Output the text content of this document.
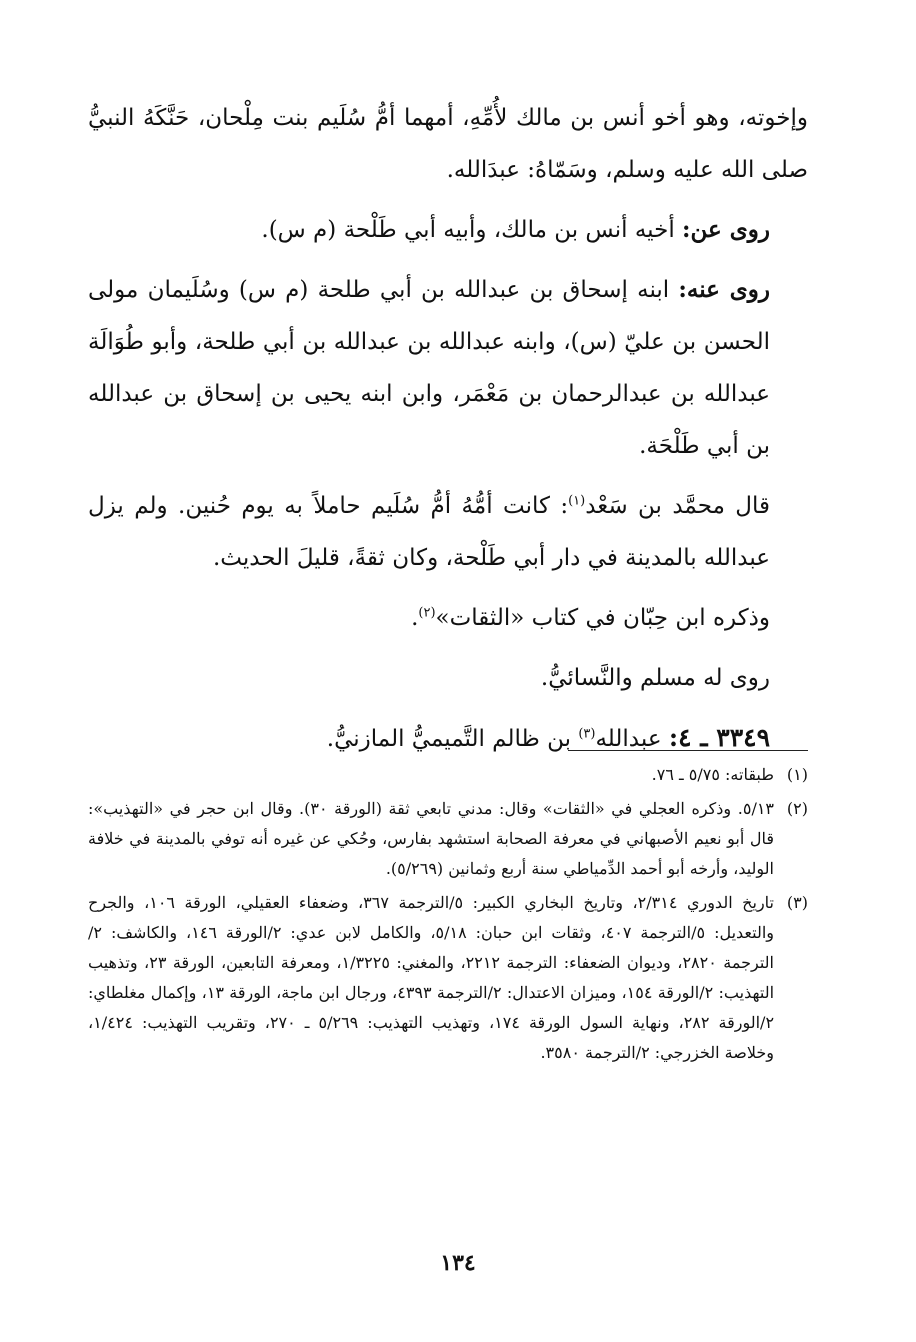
وإخوته، وهو أخو أنس بن مالك لأُمِّهِ، أمهما أمُّ سُلَيم بنت مِلْحان، حَنَّكَهُ النبيُّ صلى الله عليه وسلم، وسَمّاهُ: عبدَالله.

روى عن: أخيه أنس بن مالك، وأبيه أبي طَلْحة (م س).

روى عنه: ابنه إسحاق بن عبدالله بن أبي طلحة (م س) وسُلَيمان مولى الحسن بن عليّ (س)، وابنه عبدالله بن عبدالله بن أبي طلحة، وأبو طُوَالَة عبدالله بن عبدالرحمان بن مَعْمَر، وابن ابنه يحيى بن إسحاق بن عبدالله بن أبي طَلْحَة.

قال محمَّد بن سَعْد$^{(١)}$: كانت أمُّهُ أمُّ سُلَيم حاملاً به يوم حُنين. ولم يزل عبدالله بالمدينة في دار أبي طَلْحة، وكان ثقةً، قليلَ الحديث.

وذكره ابن حِبّان في كتاب «الثقات»$^{(٢)}$.

روى له مسلم والنَّسائيُّ.

٣٣٤٩ ـ ٤: عبدالله$^{(٣)}$ بن ظالم التَّميميُّ المازنيُّ.

(١)
طبقاته: ٥/٧٥ ـ ٧٦.
(٢)
٥/١٣. وذكره العجلي في «الثقات» وقال: مدني تابعي ثقة (الورقة ٣٠). وقال ابن حجر في «التهذيب»: قال أبو نعيم الأصبهاني في معرفة الصحابة استشهد بفارس، وحُكي عن غيره أنه توفي بالمدينة في خلافة الوليد، وأرخه أبو أحمد الدِّمياطي سنة أربع وثمانين (٥/٢٦٩).
(٣)
تاريخ الدوري ٢/٣١٤، وتاريخ البخاري الكبير: ٥/الترجمة ٣٦٧، وضعفاء العقيلي، الورقة ١٠٦، والجرح والتعديل: ٥/الترجمة ٤٠٧، وثقات ابن حبان: ٥/١٨، والكامل لابن عدي: ٢/الورقة ١٤٦، والكاشف: ٢/الترجمة ٢٨٢٠، وديوان الضعفاء: الترجمة ٢٢١٢، والمغني: ١/٣٢٢٥، ومعرفة التابعين، الورقة ٢٣، وتذهيب التهذيب: ٢/الورقة ١٥٤، وميزان الاعتدال: ٢/الترجمة ٤٣٩٣، ورجال ابن ماجة، الورقة ١٣، وإكمال مغلطاي: ٢/الورقة ٢٨٢، ونهاية السول الورقة ١٧٤، وتهذيب التهذيب: ٥/٢٦٩ ـ ٢٧٠، وتقريب التهذيب: ١/٤٢٤، وخلاصة الخزرجي: ٢/الترجمة ٣٥٨٠.
١٣٤
